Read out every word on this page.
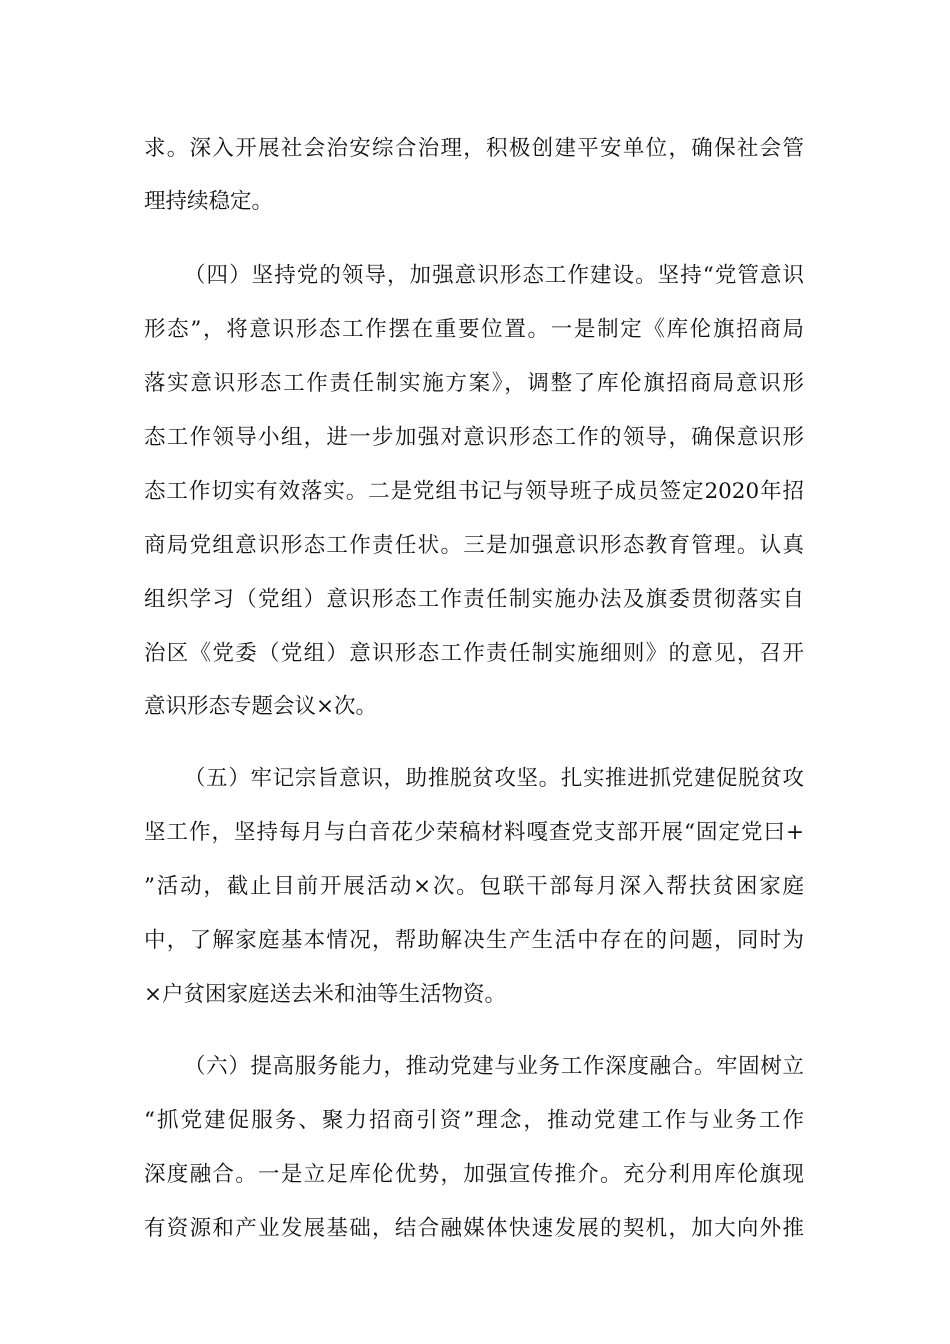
求。深入开展社会治安综合治理，积极创建平安单位，确保社会管
理持续稳定。
（四）坚持党的领导，加强意识形态工作建设。坚持“党管意识
形态”，将意识形态工作摆在重要位置。一是制定《库伦旗招商局
落实意识形态工作责任制实施方案》，调整了库伦旗招商局意识形
态工作领导小组，进一步加强对意识形态工作的领导，确保意识形
态工作切实有效落实。二是党组书记与领导班子成员签定2020年招
商局党组意识形态工作责任状。三是加强意识形态教育管理。认真
组织学习（党组）意识形态工作责任制实施办法及旗委贯彻落实自
治区《党委（党组）意识形态工作责任制实施细则》的意见，召开
意识形态专题会议×次。
（五）牢记宗旨意识，助推脱贫攻坚。扎实推进抓党建促脱贫攻
坚工作，坚持每月与白音花少荣稿材料嘎查党支部开展“固定党曰+
”活动，截止目前开展活动×次。包联干部每月深入帮扶贫困家庭
中，了解家庭基本情况，帮助解决生产生活中存在的问题，同时为
×户贫困家庭送去米和油等生活物资。
（六）提高服务能力，推动党建与业务工作深度融合。牢固树立
“抓党建促服务、聚力招商引资”理念，推动党建工作与业务工作
深度融合。一是立足库伦优势，加强宣传推介。充分利用库伦旗现
有资源和产业发展基础，结合融媒体快速发展的契机，加大向外推
